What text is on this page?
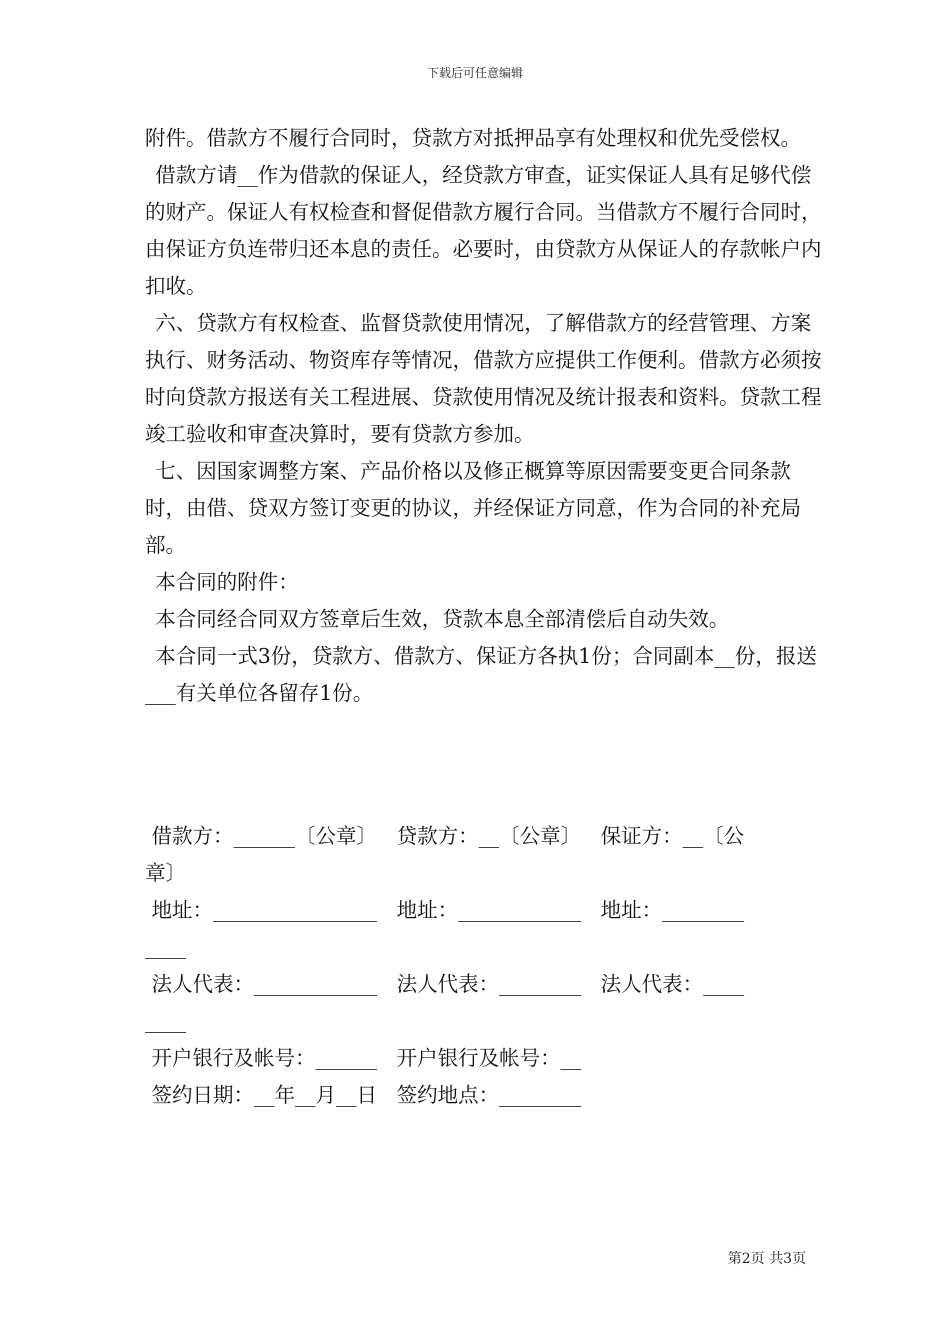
下载后可任意编辑

附件。借款方不履行合同时，贷款方对抵押品享有处理权和优先受偿权。

借款方请__作为借款的保证人，经贷款方审查，证实保证人具有足够代偿的财产。保证人有权检查和督促借款方履行合同。当借款方不履行合同时，由保证方负连带归还本息的责任。必要时，由贷款方从保证人的存款帐户内扣收。

六、贷款方有权检查、监督贷款使用情况，了解借款方的经营管理、方案执行、财务活动、物资库存等情况，借款方应提供工作便利。借款方必须按时向贷款方报送有关工程进展、贷款使用情况及统计报表和资料。贷款工程竣工验收和审查决算时，要有贷款方参加。

七、因国家调整方案、产品价格以及修正概算等原因需要变更合同条款时，由借、贷双方签订变更的协议，并经保证方同意，作为合同的补充局部。

本合同的附件：

本合同经合同双方签章后生效，贷款本息全部清偿后自动失效。

本合同一式3份，贷款方、借款方、保证方各执1份；合同副本__份，报送___有关单位各留存1份。

借款方：______〔公章〕   贷款方：__〔公章〕   保证方：__〔公

章〕

地址：________________   地址：____________   地址：________

____

法人代表：____________   法人代表：________   法人代表：____

____

开户银行及帐号：______   开户银行及帐号：__

签约日期：__年__月__日   签约地点：________

第2页 共3页
